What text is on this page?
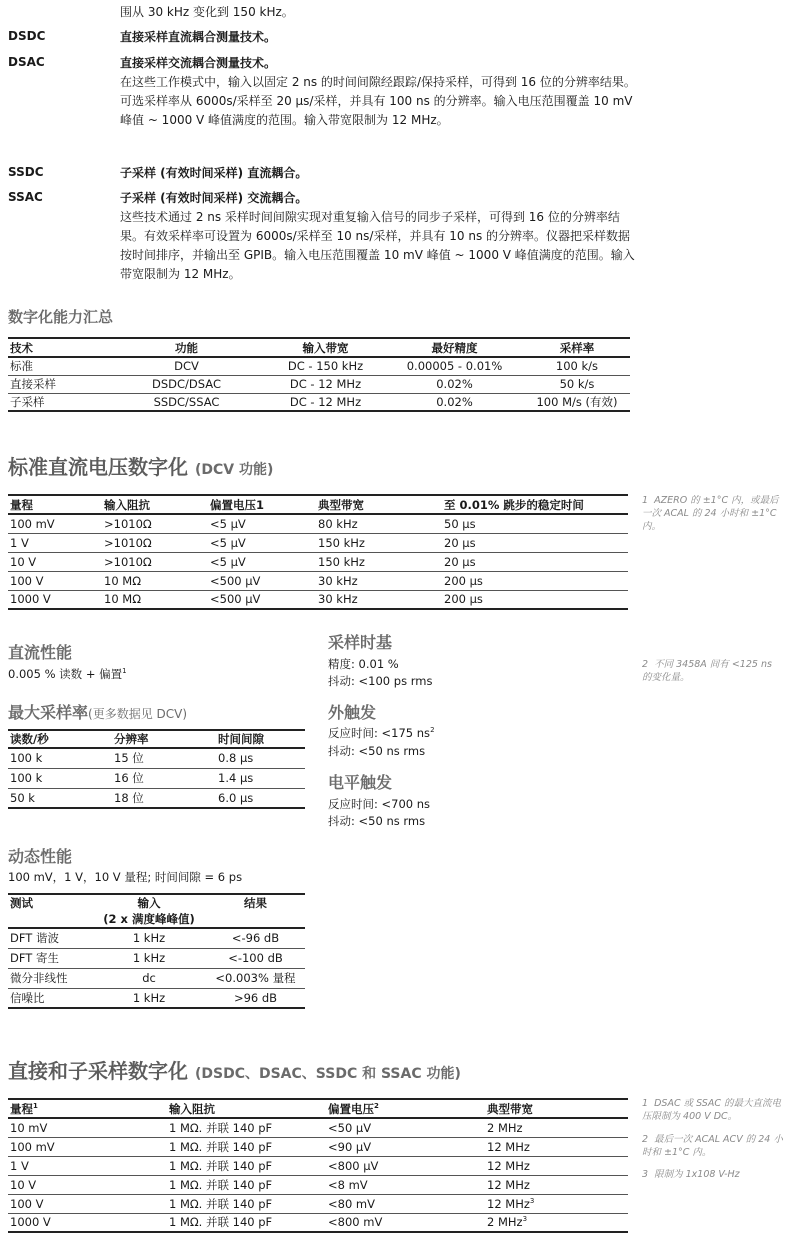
围从 30 kHz 变化到 150 kHz。
DSDC	直接采样直流耦合测量技术。
DSAC	直接采样交流耦合测量技术。
在这些工作模式中，输入以固定 2 ns 的时间间隙经跟踪/保持采样，可得到 16 位的分辨率结果。可选采样率从 6000s/采样至 20 μs/采样，并具有 100 ns 的分辨率。输入电压范围覆盖 10 mV 峰值 ~ 1000 V 峰值满度的范围。输入带宽限制为 12 MHz。
SSDC	子采样 (有效时间采样) 直流耦合。
SSAC	子采样 (有效时间采样) 交流耦合。
这些技术通过 2 ns 采样时间间隙实现对重复输入信号的同步子采样，可得到 16 位的分辨率结果。有效采样率可设置为 6000s/采样至 10 ns/采样，并具有 10 ns 的分辨率。仪器把采样数据按时间排序，并输出至 GPIB。输入电压范围覆盖 10 mV 峰值 ~ 1000 V 峰值满度的范围。输入带宽限制为 12 MHz。
数字化能力汇总
技术	功能	输入带宽	最好精度	采样率
标准	DCV	DC - 150 kHz	0.00005 - 0.01%	100 k/s
直接采样	DSDC/DSAC	DC - 12 MHz	0.02%	50 k/s
子采样	SSDC/SSAC	DC - 12 MHz	0.02%	100 M/s (有效)
标准直流电压数字化 (DCV 功能)
量程	输入阻抗	偏置电压1	典型带宽	至 0.01% 跳步的稳定时间
100 mV	>1010Ω	<5 μV	80 kHz	50 μs
1 V	>1010Ω	<5 μV	150 kHz	20 μs
10 V	>1010Ω	<5 μV	150 kHz	20 μs
100 V	10 MΩ	<500 μV	30 kHz	200 μs
1000 V	10 MΩ	<500 μV	30 kHz	200 μs
1 AZERO 的 ±1°C 内，或最后一次 ACAL 的 24 小时和 ±1°C 内。
直流性能
0.005 % 读数 + 偏置$^1$
最大采样率(更多数据见 DCV)
读数/秒	分辨率	时间间隙
100 k	15 位	0.8 μs
100 k	16 位	1.4 μs
50 k	18 位	6.0 μs
采样时基
精度: 0.01 %
抖动: <100 ps rms
外触发
反应时间: <175 $ns^2$
抖动: <50 ns rms
电平触发
反应时间: <700 ns
抖动: <50 ns rms
2 不同 3458A 间有 <125 ns 的变化量。
动态性能
100 mV，1 V，10 V 量程; 时间间隙 = 6 ps
测试	输入	结果
	(2 x 满度峰峰值)	
DFT 谐波	1 kHz	<-96 dB
DFT 寄生	1 kHz	<-100 dB
微分非线性	dc	<0.003% 量程
信噪比	1 kHz	>96 dB
直接和子采样数字化 (DSDC、DSAC、SSDC 和 SSAC 功能)
量程$^1$	输入阻抗	偏置电压$^2$	典型带宽
10 mV	1 MΩ. 并联 140 pF	<50 μV	2 MHz
100 mV	1 MΩ. 并联 140 pF	<90 μV	12 MHz
1 V	1 MΩ. 并联 140 pF	<800 μV	12 MHz
10 V	1 MΩ. 并联 140 pF	<8 mV	12 MHz
100 V	1 MΩ. 并联 140 pF	<80 mV	12 MHz$^3$
1000 V	1 MΩ. 并联 140 pF	<800 mV	2 MHz$^3$
1 DSAC 或 SSAC 的最大直流电压限制为 400 V DC。
2 最后一次 ACAL ACV 的 24 小时和 ±1°C 内。
3 限制为 1x108 V-Hz
